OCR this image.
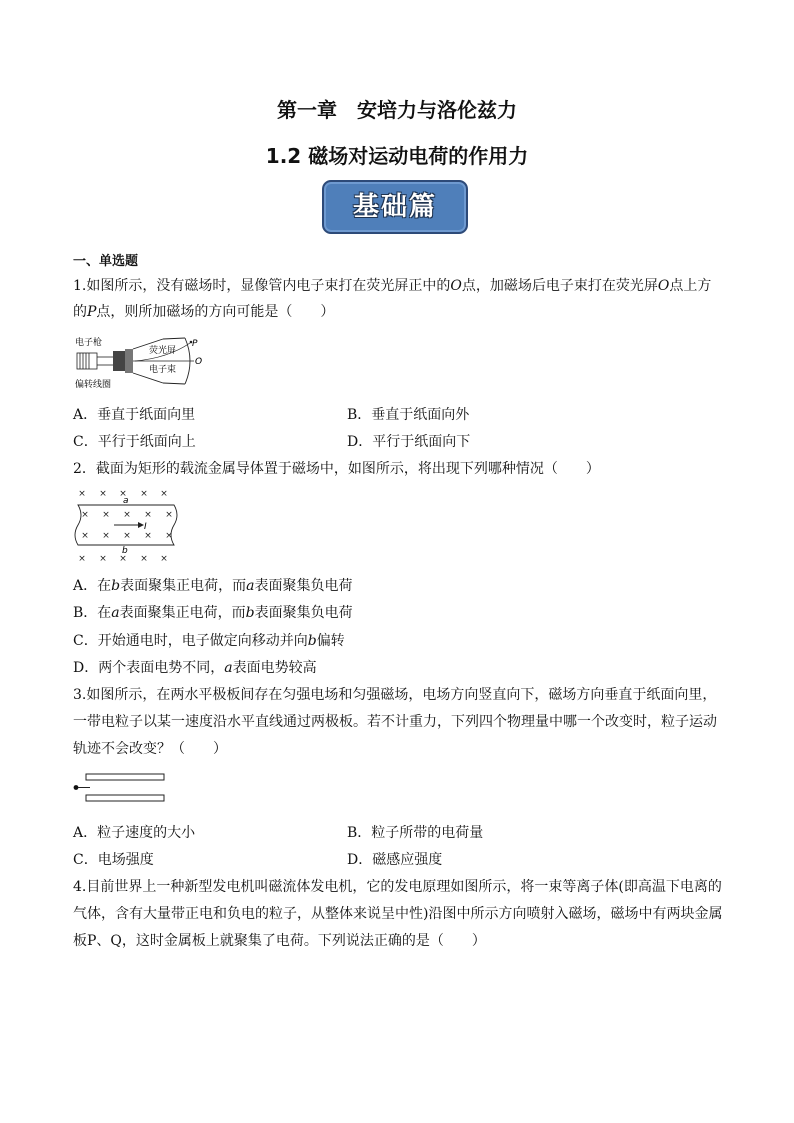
第一章　安培力与洛伦兹力
1.2 磁场对运动电荷的作用力
基础篇
一、单选题
1.如图所示，没有磁场时，显像管内电子束打在荧光屏正中的O点，加磁场后电子束打在荧光屏O点上方
的P点，则所加磁场的方向可能是（　　）
电子枪
偏转线圈
荧光屏
电子束
P
O
A．垂直于纸面向里	B．垂直于纸面向外
C．平行于纸面向上	D．平行于纸面向下
2．截面为矩形的载流金属导体置于磁场中，如图所示，将出现下列哪种情况（　　）
× × × × ×
× × × × ×
× × × × ×
× × × × ×
a
b
I
A．在b表面聚集正电荷，而a表面聚集负电荷
B．在a表面聚集正电荷，而b表面聚集负电荷
C．开始通电时，电子做定向移动并向b偏转
D．两个表面电势不同，a表面电势较高
3.如图所示，在两水平极板间存在匀强电场和匀强磁场，电场方向竖直向下，磁场方向垂直于纸面向里，
一带电粒子以某一速度沿水平直线通过两极板。若不计重力，下列四个物理量中哪一个改变时，粒子运动
轨迹不会改变？（　　）
A．粒子速度的大小	B．粒子所带的电荷量
C．电场强度	D．磁感应强度
4.目前世界上一种新型发电机叫磁流体发电机，它的发电原理如图所示，将一束等离子体(即高温下电离的
气体，含有大量带正电和负电的粒子，从整体来说呈中性)沿图中所示方向喷射入磁场，磁场中有两块金属
板P、Q，这时金属板上就聚集了电荷。下列说法正确的是（　　）
